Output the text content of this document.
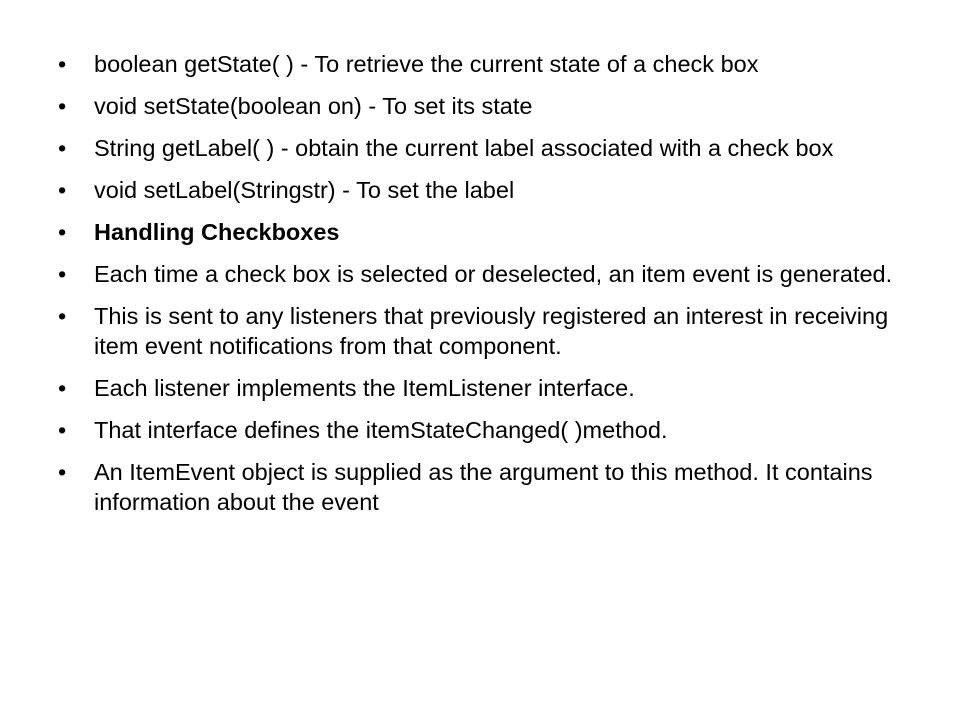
•	boolean getState( ) - To retrieve the current state of a check box
•	void setState(boolean on) - To set its state
•	String getLabel( ) - obtain the current label associated with a check box
•	void setLabel(Stringstr) - To set the label
•	Handling Checkboxes
•	Each time a check box is selected or deselected, an item event is generated.
•	This is sent to any listeners that previously registered an interest in receiving item event notifications from that component.
•	Each listener implements the ItemListener interface.
•	That interface defines the itemStateChanged( )method.
•	An ItemEvent object is supplied as the argument to this method. It contains information about the event
